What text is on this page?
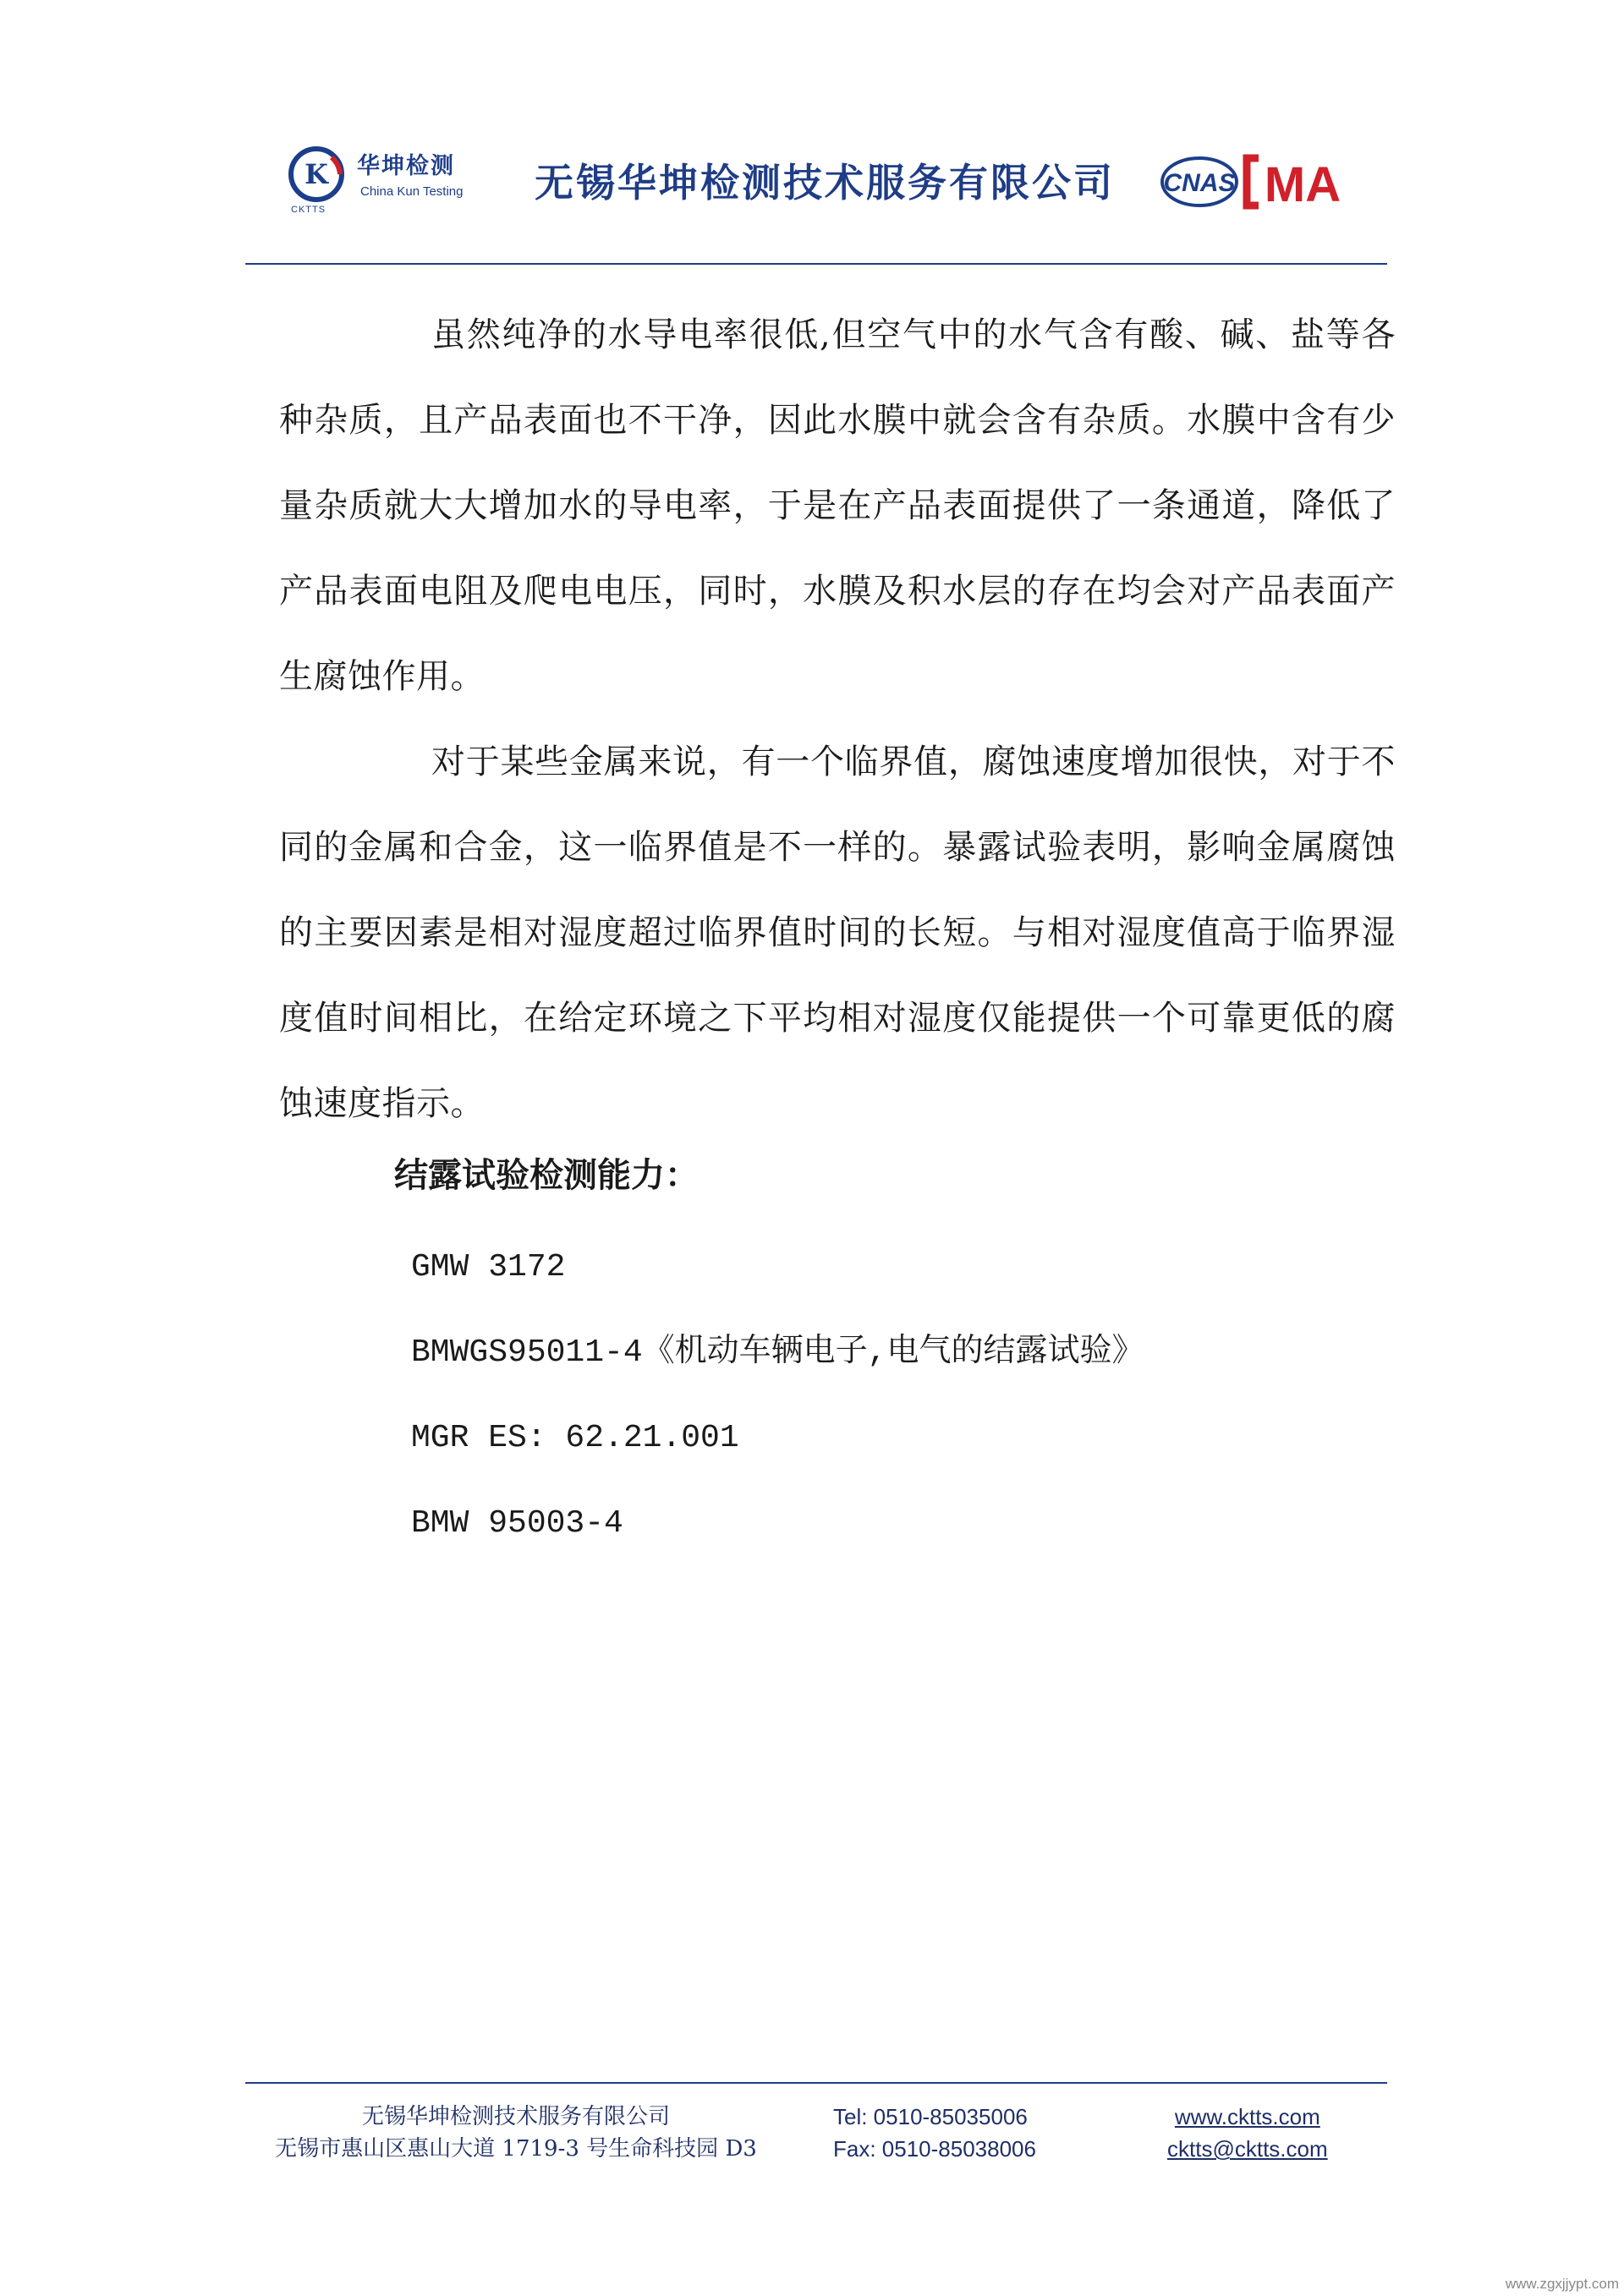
K 华坤检测
China Kun Testing
CKTTS
无锡华坤检测技术服务有限公司 CNAS MA

虽然纯净的水导电率很低,但空气中的水气含有酸、碱、盐等各种杂质，且产品表面也不干净，因此水膜中就会含有杂质。水膜中含有少量杂质就大大增加水的导电率，于是在产品表面提供了一条通道，降低了产品表面电阻及爬电电压，同时，水膜及积水层的存在均会对产品表面产生腐蚀作用。

对于某些金属来说，有一个临界值，腐蚀速度增加很快，对于不同的金属和合金，这一临界值是不一样的。暴露试验表明，影响金属腐蚀的主要因素是相对湿度超过临界值时间的长短。与相对湿度值高于临界湿度值时间相比，在给定环境之下平均相对湿度仅能提供一个可靠更低的腐蚀速度指示。

结露试验检测能力：
GMW 3172
BMWGS95011-4《机动车辆电子,电气的结露试验》
MGR ES: 62.21.001
BMW 95003-4
无锡华坤检测技术服务有限公司
无锡市惠山区惠山大道 1719-3 号生命科技园 D3
Tel: 0510-85035006
Fax: 0510-85038006
www.cktts.com
cktts@cktts.com
www.zgxjjypt.com
